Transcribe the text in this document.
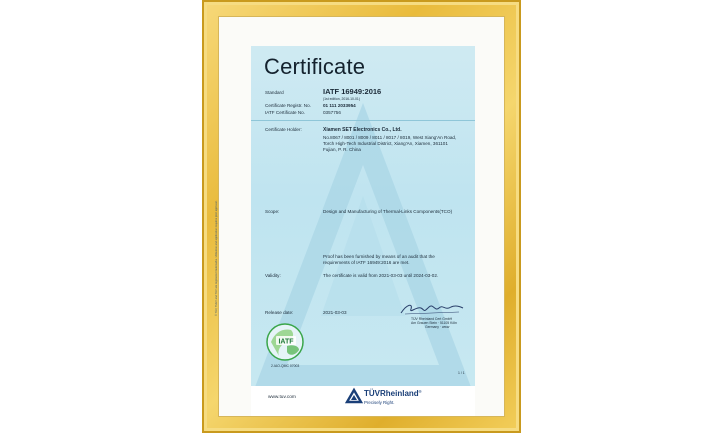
Certificate
Standard	IATF 16949:2016
(1st edition, 2016-10-01)
Certificate Registr. No.	01 111 2033954
IATF Certificate No.	0357756
Certificate Holder:	Xiamen SET Electronics Co., Ltd.
No.8067 / 8001 / 8009 / 8011 / 8017 / 8019, West Xiang'An Road,
Torch High-Tech Industrial District, Xiang'An, Xiamen, 361101
Fujian, P. R. China
Scope:	Design and Manufacturing of Thermal-Links Components(TCO)
Proof has been furnished by means of an audit that the
requirements of IATF 16949:2016 are met.
Validity:	The certificate is valid from 2021-03-03 until 2024-03-02.
Release date:	2021-03-03
TÜV Rheinland Cert GmbH
Am Grauen Stein · 51105 Köln
Germany · www
IATF
2-IAO-QMC 07003
1 / 1
© TÜV, TUEV and TUV are registered trademarks. Utilisation and application requires prior approval.
www.tuv.com	TÜVRheinland®
Precisely Right.
